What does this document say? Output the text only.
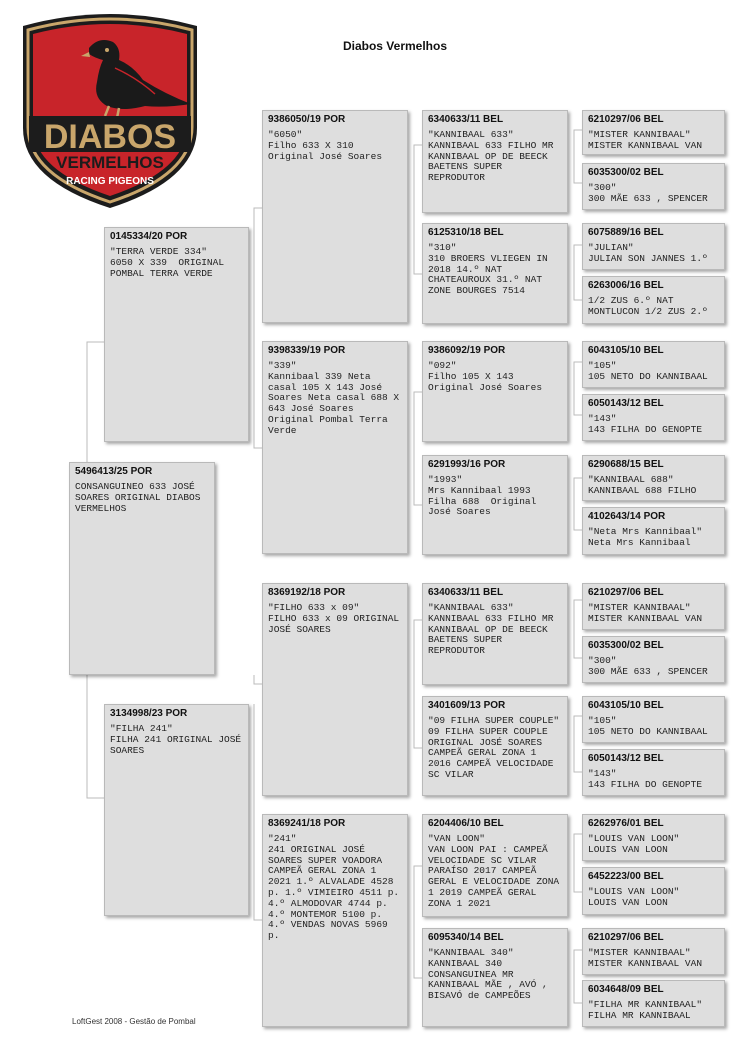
DIABOS
VERMELHOS
RACING PIGEONS
Diabos Vermelhos
5496413/25 POR
CONSANGUINEO 633 JOSÉ SOARES ORIGINAL DIABOS VERMELHOS
0145334/20 POR
"TERRA VERDE 334"
6050 X 339  ORIGINAL POMBAL TERRA VERDE
3134998/23 POR
"FILHA 241"
FILHA 241 ORIGINAL JOSÉ SOARES
9386050/19 POR
"6050"
Filho 633 X 310 Original José Soares
9398339/19 POR
"339"
Kannibaal 339 Neta casal 105 X 143 José Soares Neta casal 688 X 643 José Soares Original Pombal Terra Verde
8369192/18 POR
"FILHO 633 x 09"
FILHO 633 x 09 ORIGINAL JOSÉ SOARES
8369241/18 POR
"241"
241 ORIGINAL JOSÉ SOARES SUPER VOADORA CAMPEÃ GERAL ZONA 1 2021 1.º ALVALADE 4528 p. 1.º VIMIEIRO 4511 p. 4.º ALMODOVAR 4744 p. 4.º MONTEMOR 5100 p. 4.º VENDAS NOVAS 5969 p.
6340633/11 BEL
"KANNIBAAL 633"
KANNIBAAL 633 FILHO MR KANNIBAAL OP DE BEECK  BAETENS SUPER REPRODUTOR
6125310/18 BEL
"310"
310 BROERS VLIEGEN IN 2018 14.º NAT CHATEAUROUX 31.º NAT ZONE BOURGES 7514
9386092/19 POR
"092"
Filho 105 X 143 Original José Soares
6291993/16 POR
"1993"
Mrs Kannibaal 1993 Filha 688  Original José Soares
6340633/11 BEL
"KANNIBAAL 633"
KANNIBAAL 633 FILHO MR KANNIBAAL OP DE BEECK  BAETENS SUPER REPRODUTOR
3401609/13 POR
"09 FILHA SUPER COUPLE"
09 FILHA SUPER COUPLE ORIGINAL JOSÉ SOARES CAMPEÃ GERAL ZONA 1 2016 CAMPEÃ VELOCIDADE SC VILAR
6204406/10 BEL
"VAN LOON"
VAN LOON PAI : CAMPEÃ VELOCIDADE SC VILAR PARAÍSO 2017 CAMPEÃ GERAL E VELOCIDADE ZONA 1 2019 CAMPEÃ GERAL ZONA 1 2021
6095340/14 BEL
"KANNIBAAL 340"
KANNIBAAL 340 CONSANGUINEA MR KANNIBAAL MÃE , AVÓ , BISAVÓ de CAMPEÕES
6210297/06 BEL
"MISTER KANNIBAAL"
MISTER KANNIBAAL VAN
6035300/02 BEL
"300"
300 MÃE 633 , SPENCER
6075889/16 BEL
"JULIAN"
JULIAN SON JANNES 1.º
6263006/16 BEL
1/2 ZUS 6.º NAT MONTLUCON 1/2 ZUS 2.º
6043105/10 BEL
"105"
105 NETO DO KANNIBAAL
6050143/12 BEL
"143"
143 FILHA DO GENOPTE
6290688/15 BEL
"KANNIBAAL 688"
KANNIBAAL 688 FILHO
4102643/14 POR
"Neta Mrs Kannibaal"
Neta Mrs Kannibaal
6210297/06 BEL
"MISTER KANNIBAAL"
MISTER KANNIBAAL VAN
6035300/02 BEL
"300"
300 MÃE 633 , SPENCER
6043105/10 BEL
"105"
105 NETO DO KANNIBAAL
6050143/12 BEL
"143"
143 FILHA DO GENOPTE
6262976/01 BEL
"LOUIS VAN LOON"
LOUIS VAN LOON
6452223/00 BEL
"LOUIS VAN LOON"
LOUIS VAN LOON
6210297/06 BEL
"MISTER KANNIBAAL"
MISTER KANNIBAAL VAN
6034648/09 BEL
"FILHA MR KANNIBAAL"
FILHA MR KANNIBAAL
LoftGest 2008 - Gestão de Pombal
